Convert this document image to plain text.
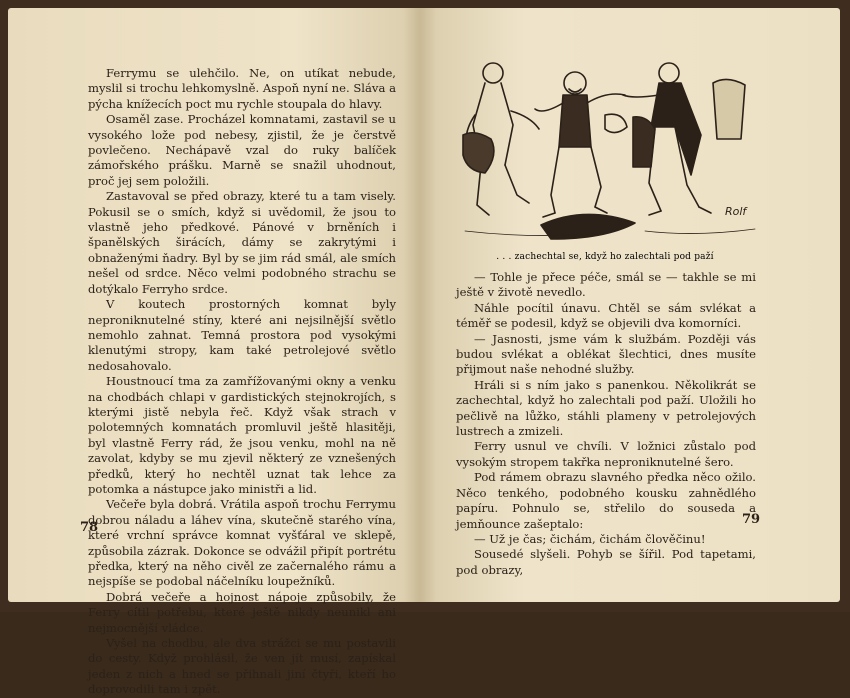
Ferrymu se ulehčilo. Ne, on utíkat nebude, myslil si trochu lehkomyslně. Aspoň nyní ne. Sláva a pýcha knížecích poct mu rychle stoupala do hlavy.

Osaměl zase. Procházel komnatami, zastavil se u vysokého lože pod nebesy, zjistil, že je čerstvě povlečeno. Nechápavě vzal do ruky balíček zámořského prášku. Marně se snažil uhodnout, proč jej sem položili.

Zastavoval se před obrazy, které tu a tam visely. Pokusil se o smích, když si uvědomil, že jsou to vlastně jeho předkové. Pánové v brněních i španělských širácích, dámy se zakrytými i obnaženými ňadry. Byl by se jim rád smál, ale smích nešel od srdce. Něco velmi podobného strachu se dotýkalo Ferryho srdce.

V koutech prostorných komnat byly neproniknutelné stíny, které ani nejsilnější světlo nemohlo zahnat. Temná prostora pod vysokými klenutými stropy, kam také petrolejové světlo nedosahovalo.

Houstnoucí tma za zamřížovanými okny a venku na chodbách chlapi v gardistických stejnokrojích, s kterými jistě nebyla řeč. Když však strach v polotemných komnatách promluvil ještě hlasitěji, byl vlastně Ferry rád, že jsou venku, mohl na ně zavolat, kdyby se mu zjevil některý ze vznešených předků, který ho nechtěl uznat tak lehce za potomka a nástupce jako ministři a lid.

Večeře byla dobrá. Vrátila aspoň trochu Ferrymu dobrou náladu a láhev vína, skutečně starého vína, které vrchní správce komnat vyšťáral ve sklepě, způsobila zázrak. Dokonce se odvážil připít portrétu předka, který na něho civěl ze začernalého rámu a nejspíše se podobal náčelníku loupežníků.

Dobrá večeře a hojnost nápoje způsobily, že Ferry cítil potřebu, které ještě nikdy neunikl ani nejmocnější vládce.

Vyšel na chodbu, ale dva strážci se mu postavili do cesty. Když prohlásil, že ven jít musí, zapískal jeden z nich a hned se přihnali jiní čtyři, kteří ho doprovodili tam i zpět.

78
Rolf
. . . zachechtal se, když ho zalechtali pod paží

— Tohle je přece péče, smál se — takhle se mi ještě v životě nevedlo.

Náhle pocítil únavu. Chtěl se sám svlékat a téměř se podesil, když se objevili dva komorníci.

— Jasnosti, jsme vám k službám. Později vás budou svlékat a oblékat šlechtici, dnes musíte přijmout naše nehodné služby.

Hráli si s ním jako s panenkou. Několikrát se zachechtal, když ho zalechtali pod paží. Uložili ho pečlivě na lůžko, stáhli plameny v petrolejových lustrech a zmizeli.

Ferry usnul ve chvíli. V ložnici zůstalo pod vysokým stropem takřka neproniknutelné šero.

Pod rámem obrazu slavného předka něco ožilo. Něco tenkého, podobného kousku zahnědlého papíru. Pohnulo se, střelilo do souseda a jemňounce zašeptalo:

— Už je čas; čichám, čichám člověčinu!

Sousedé slyšeli. Pohyb se šířil. Pod tapetami, pod obrazy,

79
